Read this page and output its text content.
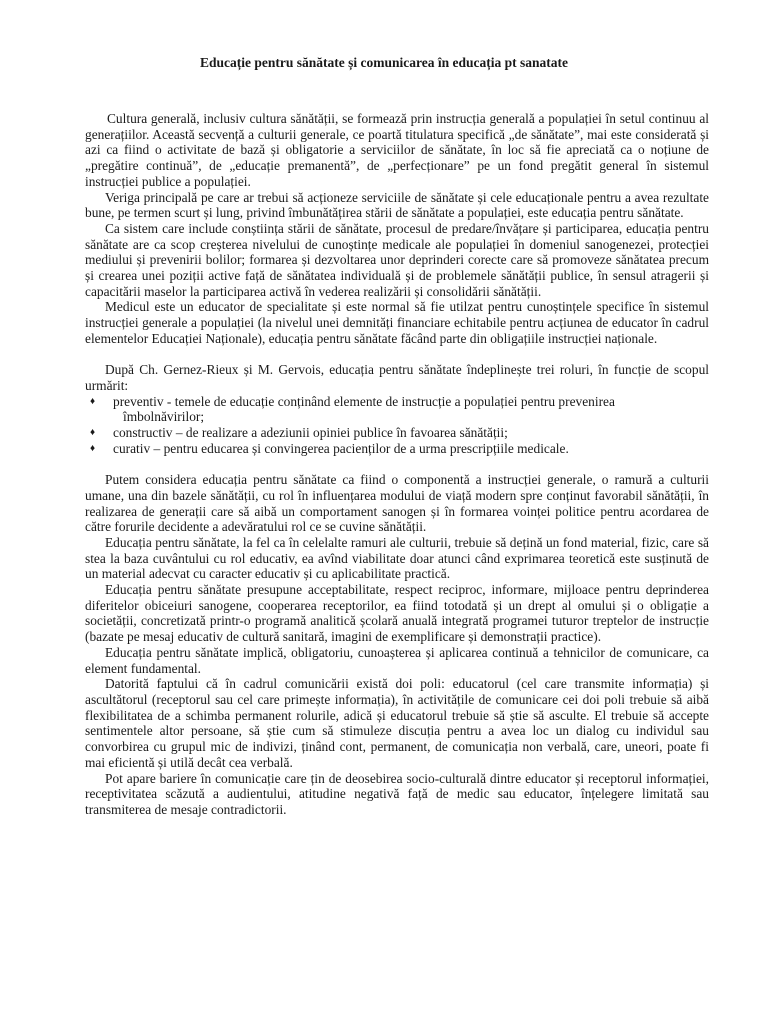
Educație pentru sănătate și comunicarea în educația pt sanatate

Cultura generală, inclusiv cultura sănătății, se formează prin instrucția generală a populației în setul continuu al generațiilor. Această secvență a culturii generale, ce poartă titulatura specifică „de sănătate”, mai este considerată și azi ca fiind o activitate de bază și obligatorie a serviciilor de sănătate, în loc să fie apreciată ca o noțiune de „pregătire continuă”, de „educație premanentă”, de „perfecționare” pe un fond pregătit general în sistemul instrucției publice a populației.

Veriga principală pe care ar trebui să acționeze serviciile de sănătate și cele educaționale pentru a avea rezultate bune, pe termen scurt și lung, privind îmbunătățirea stării de sănătate a populației, este educația pentru sănătate.

Ca sistem care include conștiința stării de sănătate, procesul de predare/învățare și participarea, educația pentru sănătate are ca scop creșterea nivelului de cunoștințe medicale ale populației în domeniul sanogenezei, protecției mediului și prevenirii bolilor; formarea și dezvoltarea unor deprinderi corecte care să promoveze sănătatea precum și crearea unei poziții active față de sănătatea individuală și de problemele sănătății publice, în sensul atragerii și capacitării maselor la participarea activă în vederea realizării și consolidării sănătății.

Medicul este un educator de specialitate și este normal să fie utilzat pentru cunoștințele specifice în sistemul instrucției generale a populației (la nivelul unei demnități financiare echitabile pentru acțiunea de educator în cadrul elementelor Educației Naționale), educația pentru sănătate făcând parte din obligațiile instrucției naționale.

După Ch. Gernez-Rieux și M. Gervois, educația pentru sănătate îndeplinește trei roluri, în funcție de scopul urmărit:

♦ preventiv - temele de educație conținând elemente de instrucție a populației pentru prevenirea
îmbolnăvirilor;
♦ constructiv – de realizare a adeziunii opiniei publice în favoarea sănătății;
♦ curativ – pentru educarea și convingerea pacienților de a urma prescripțiile medicale.

Putem considera educația pentru sănătate ca fiind o componentă a instrucției generale, o ramură a culturii umane, una din bazele sănătății, cu rol în influențarea modului de viață modern spre conținut favorabil sănătății, în realizarea de generații care să aibă un comportament sanogen și în formarea voinței politice pentru acordarea de către forurile decidente a adevăratului rol ce se cuvine sănătății.

Educația pentru sănătate, la fel ca în celelalte ramuri ale culturii, trebuie să dețină un fond material, fizic, care să stea la baza cuvântului cu rol educativ, ea avînd viabilitate doar atunci când exprimarea teoretică este susținută de un material adecvat cu caracter educativ și cu aplicabilitate practică.

Educația pentru sănătate presupune acceptabilitate, respect reciproc, informare, mijloace pentru deprinderea diferitelor obiceiuri sanogene, cooperarea receptorilor, ea fiind totodată și un drept al omului și o obligație a societății, concretizată printr-o programă analitică școlară anuală integrată programei tuturor treptelor de instrucție (bazate pe mesaj educativ de cultură sanitară, imagini de exemplificare și demonstrații practice).

Educația pentru sănătate implică, obligatoriu, cunoașterea și aplicarea continuă a tehnicilor de comunicare, ca element fundamental.

Datorită faptului că în cadrul comunicării există doi poli: educatorul (cel care transmite informația) și ascultătorul (receptorul sau cel care primește informația), în activitățile de comunicare cei doi poli trebuie să aibă flexibilitatea de a schimba permanent rolurile, adică și educatorul trebuie să știe să asculte. El trebuie să accepte sentimentele altor persoane, să știe cum să stimuleze discuția pentru a avea loc un dialog cu individul sau convorbirea cu grupul mic de indivizi, ținând cont, permanent, de comunicația non verbală, care, uneori, poate fi mai eficientă și utilă decât cea verbală.

Pot apare bariere în comunicație care țin de deosebirea socio-culturală dintre educator și receptorul informației, receptivitatea scăzută a audientului, atitudine negativă față de medic sau educator, înțelegere limitată sau transmiterea de mesaje contradictorii.
